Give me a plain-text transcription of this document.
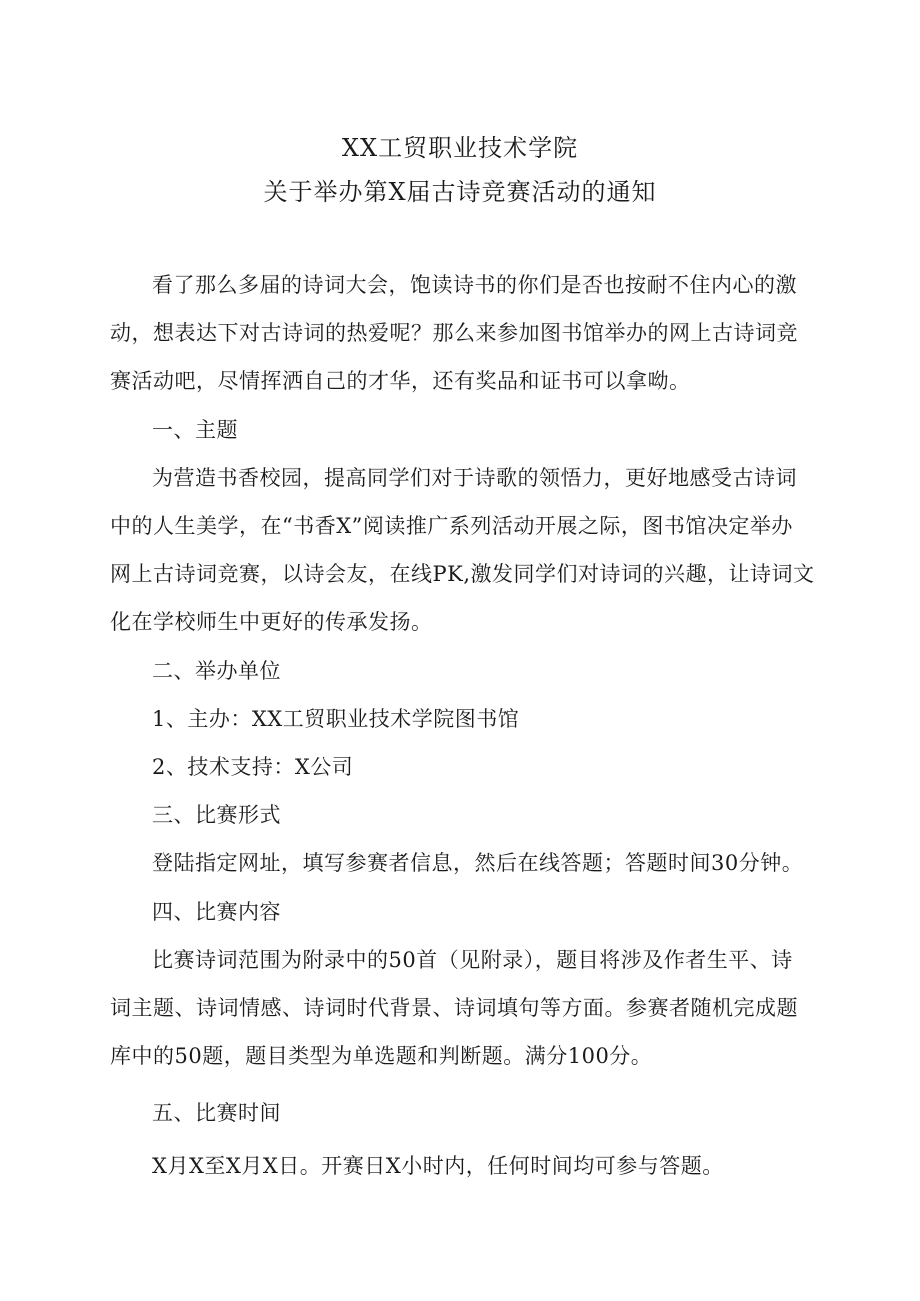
XX工贸职业技术学院
关于举办第X届古诗竞赛活动的通知
看了那么多届的诗词大会，饱读诗书的你们是否也按耐不住内心的激
动，想表达下对古诗词的热爱呢？那么来参加图书馆举办的网上古诗词竞
赛活动吧，尽情挥洒自己的才华，还有奖品和证书可以拿呦。
一、主题
为营造书香校园，提高同学们对于诗歌的领悟力，更好地感受古诗词
中的人生美学，在“书香X”阅读推广系列活动开展之际，图书馆决定举办
网上古诗词竞赛，以诗会友，在线PK,激发同学们对诗词的兴趣，让诗词文
化在学校师生中更好的传承发扬。
二、举办单位
1、主办：XX工贸职业技术学院图书馆
2、技术支持：X公司
三、比赛形式
登陆指定网址，填写参赛者信息，然后在线答题；答题时间30分钟。
四、比赛内容
比赛诗词范围为附录中的50首（见附录），题目将涉及作者生平、诗
词主题、诗词情感、诗词时代背景、诗词填句等方面。参赛者随机完成题
库中的50题，题目类型为单选题和判断题。满分100分。
五、比赛时间
X月X至X月X日。开赛日X小时内，任何时间均可参与答题。
